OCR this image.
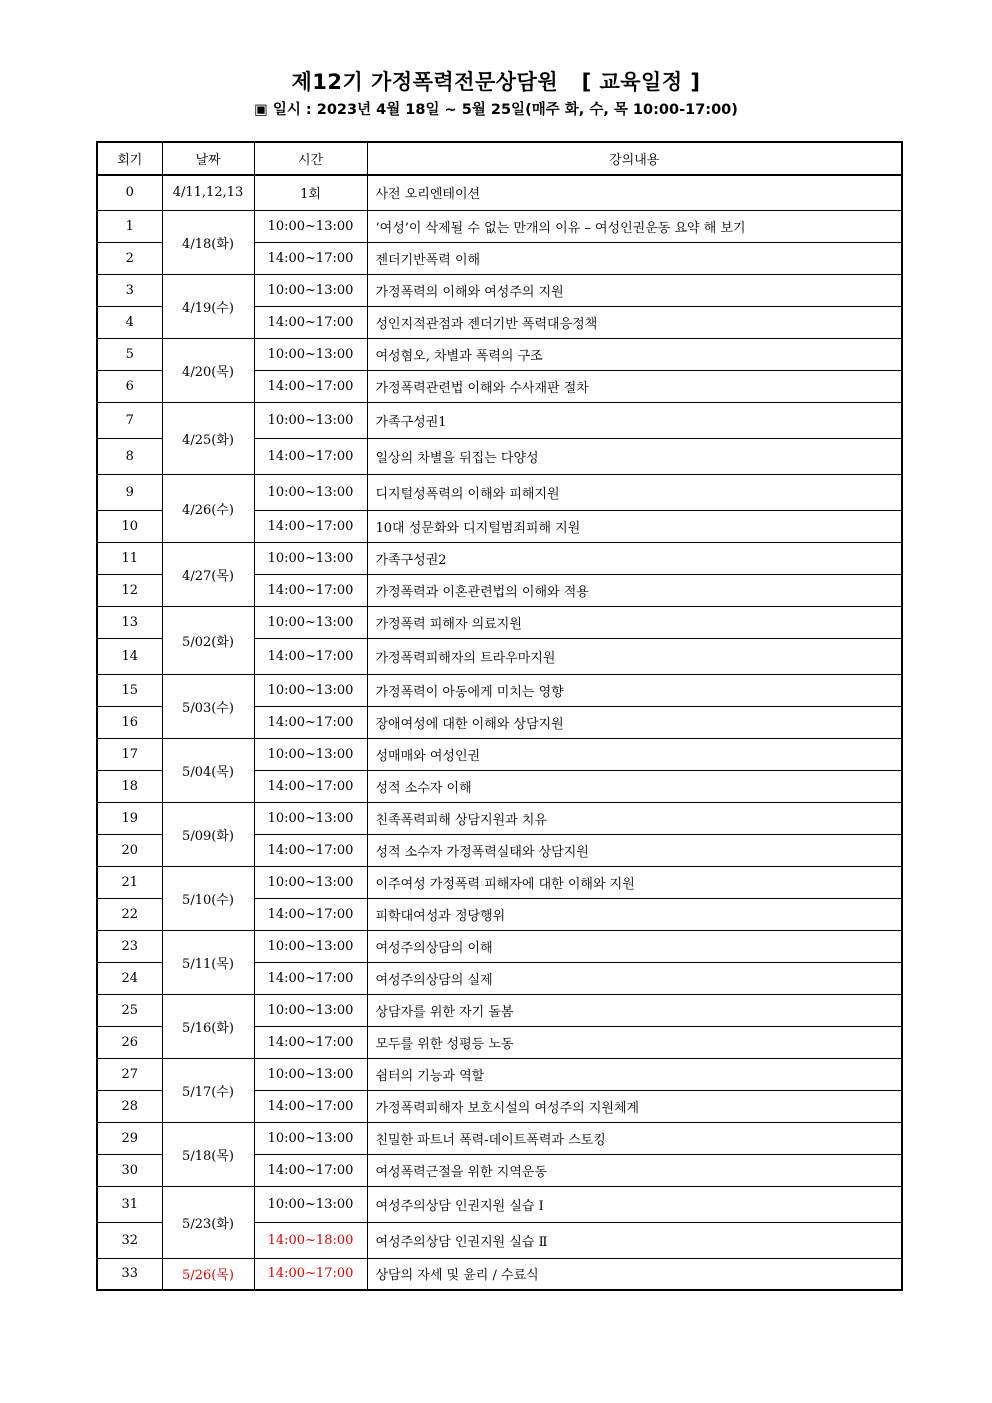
제12기 가정폭력전문상담원   [ 교육일정 ]
▣ 일시 : 2023년 4월 18일 ~ 5월 25일(매주 화, 수, 목 10:00-17:00)
회기	날짜	시간	강의내용
0	4/11,12,13	1회	사전 오리엔테이션
1	4/18(화)	10:00~13:00	‘여성’이 삭제될 수 없는 만개의 이유 – 여성인권운동 요약 해 보기
2		14:00~17:00	젠더기반폭력 이해
3	4/19(수)	10:00~13:00	가정폭력의 이해와 여성주의 지원
4		14:00~17:00	성인지적관점과 젠더기반 폭력대응정책
5	4/20(목)	10:00~13:00	여성혐오, 차별과 폭력의 구조
6		14:00~17:00	가정폭력관련법 이해와 수사재판 절차
7	4/25(화)	10:00~13:00	가족구성권1
8		14:00~17:00	일상의 차별을 뒤집는 다양성
9	4/26(수)	10:00~13:00	디지털성폭력의 이해와 피해지원
10		14:00~17:00	10대 성문화와 디지털범죄피해 지원
11	4/27(목)	10:00~13:00	가족구성권2
12		14:00~17:00	가정폭력과 이혼관련법의 이해와 적용
13	5/02(화)	10:00~13:00	가정폭력 피해자 의료지원
14		14:00~17:00	가정폭력피해자의 트라우마지원
15	5/03(수)	10:00~13:00	가정폭력이 아동에게 미치는 영향
16		14:00~17:00	장애여성에 대한 이해와 상담지원
17	5/04(목)	10:00~13:00	성매매와 여성인권
18		14:00~17:00	성적 소수자 이해
19	5/09(화)	10:00~13:00	친족폭력피해 상담지원과 치유
20		14:00~17:00	성적 소수자 가정폭력실태와 상담지원
21	5/10(수)	10:00~13:00	이주여성 가정폭력 피해자에 대한 이해와 지원
22		14:00~17:00	피학대여성과 정당행위
23	5/11(목)	10:00~13:00	여성주의상담의 이해
24		14:00~17:00	여성주의상담의 실제
25	5/16(화)	10:00~13:00	상담자를 위한 자기 돌봄
26		14:00~17:00	모두를 위한 성평등 노동
27	5/17(수)	10:00~13:00	쉼터의 기능과 역할
28		14:00~17:00	가정폭력피해자 보호시설의 여성주의 지원체계
29	5/18(목)	10:00~13:00	친밀한 파트너 폭력-데이트폭력과 스토킹
30		14:00~17:00	여성폭력근절을 위한 지역운동
31	5/23(화)	10:00~13:00	여성주의상담 인권지원 실습 Ⅰ
32		14:00~18:00	여성주의상담 인권지원 실습 Ⅱ
33	5/26(목)	14:00~17:00	상담의 자세 및 윤리 / 수료식
